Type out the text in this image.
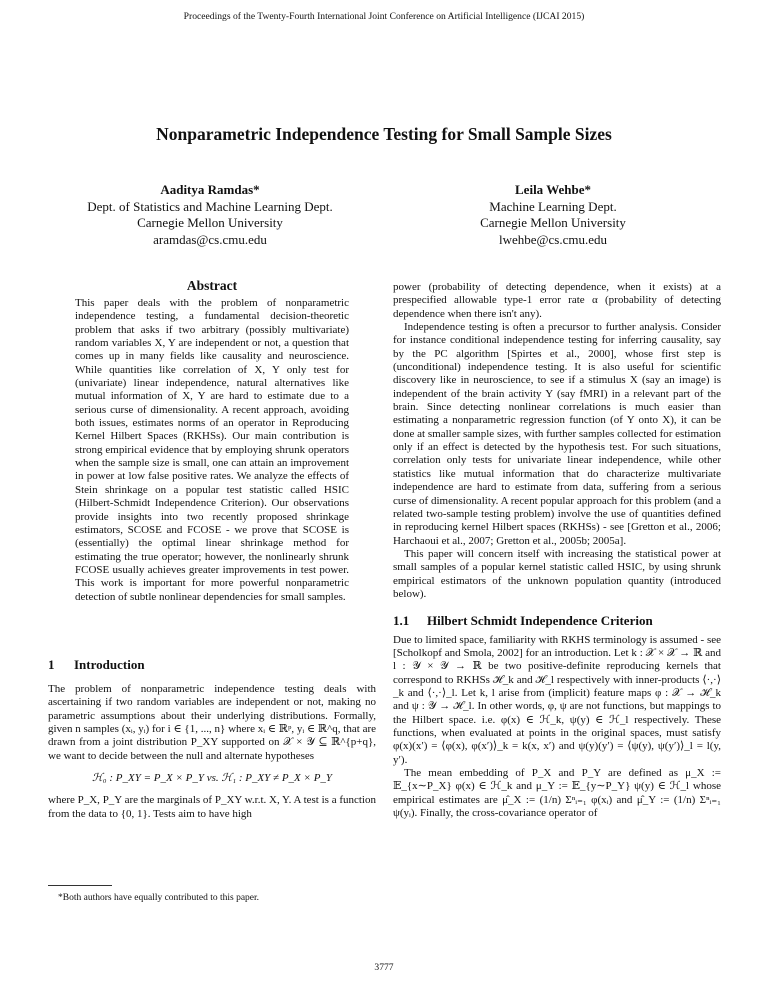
Proceedings of the Twenty-Fourth International Joint Conference on Artificial Intelligence (IJCAI 2015)
Nonparametric Independence Testing for Small Sample Sizes
Aaditya Ramdas*
Dept. of Statistics and Machine Learning Dept.
Carnegie Mellon University
aramdas@cs.cmu.edu
Leila Wehbe*
Machine Learning Dept.
Carnegie Mellon University
lwehbe@cs.cmu.edu
Abstract

This paper deals with the problem of nonparametric independence testing, a fundamental decision-theoretic problem that asks if two arbitrary (possibly multivariate) random variables X, Y are independent or not, a question that comes up in many fields like causality and neuroscience. While quantities like correlation of X, Y only test for (univariate) linear independence, natural alternatives like mutual information of X, Y are hard to estimate due to a serious curse of dimensionality. A recent approach, avoiding both issues, estimates norms of an operator in Reproducing Kernel Hilbert Spaces (RKHSs). Our main contribution is strong empirical evidence that by employing shrunk operators when the sample size is small, one can attain an improvement in power at low false positive rates. We analyze the effects of Stein shrinkage on a popular test statistic called HSIC (Hilbert-Schmidt Independence Criterion). Our observations provide insights into two recently proposed shrinkage estimators, SCOSE and FCOSE - we prove that SCOSE is (essentially) the optimal linear shrinkage method for estimating the true operator; however, the nonlinearly shrunk FCOSE usually achieves greater improvements in test power. This work is important for more powerful nonparametric detection of subtle nonlinear dependencies for small samples.

1 Introduction

The problem of nonparametric independence testing deals with ascertaining if two random variables are independent or not, making no parametric assumptions about their underlying distributions. Formally, given n samples (xᵢ, yᵢ) for i ∈ {1, ..., n} where xᵢ ∈ ℝᵖ, yᵢ ∈ ℝ^q, that are drawn from a joint distribution P_XY supported on 𝒳 × 𝒴 ⊆ ℝ^{p+q}, we want to decide between the null and alternate hypotheses

ℋ₀ : P_XY = P_X × P_Y vs. ℋ₁ : P_XY ≠ P_X × P_Y

where P_X, P_Y are the marginals of P_XY w.r.t. X, Y. A test is a function from the data to {0, 1}. Tests aim to have high

*Both authors have equally contributed to this paper.

power (probability of detecting dependence, when it exists) at a prespecified allowable type-1 error rate α (probability of detecting dependence when there isn't any).

Independence testing is often a precursor to further analysis. Consider for instance conditional independence testing for inferring causality, say by the PC algorithm [Spirtes et al., 2000], whose first step is (unconditional) independence testing. It is also useful for scientific discovery like in neuroscience, to see if a stimulus X (say an image) is independent of the brain activity Y (say fMRI) in a relevant part of the brain. Since detecting nonlinear correlations is much easier than estimating a nonparametric regression function (of Y onto X), it can be done at smaller sample sizes, with further samples collected for estimation only if an effect is detected by the hypothesis test. For such situations, correlation only tests for univariate linear independence, while other statistics like mutual information that do characterize multivariate independence are hard to estimate from data, suffering from a serious curse of dimensionality. A recent popular approach for this problem (and a related two-sample testing problem) involve the use of quantities defined in reproducing kernel Hilbert spaces (RKHSs) - see [Gretton et al., 2006; Harchaoui et al., 2007; Gretton et al., 2005b; 2005a].

This paper will concern itself with increasing the statistical power at small samples of a popular kernel statistic called HSIC, by using shrunk empirical estimators of the unknown population quantity (introduced below).

1.1 Hilbert Schmidt Independence Criterion

Due to limited space, familiarity with RKHS terminology is assumed - see [Scholkopf and Smola, 2002] for an introduction. Let k : 𝒳 × 𝒳 → ℝ and l : 𝒴 × 𝒴 → ℝ be two positive-definite reproducing kernels that correspond to RKHSs ℋ_k and ℋ_l respectively with inner-products ⟨·,·⟩_k and ⟨·,·⟩_l. Let k, l arise from (implicit) feature maps φ : 𝒳 → ℋ_k and ψ : 𝒴 → ℋ_l. In other words, φ, ψ are not functions, but mappings to the Hilbert space. i.e. φ(x) ∈ ℋ_k, ψ(y) ∈ ℋ_l respectively. These functions, when evaluated at points in the original spaces, must satisfy φ(x)(x′) = ⟨φ(x), φ(x′)⟩_k = k(x, x′) and ψ(y)(y′) = ⟨ψ(y), ψ(y′)⟩_l = l(y, y′).

The mean embedding of P_X and P_Y are defined as μ_X := 𝔼_{x∼P_X} φ(x) ∈ ℋ_k and μ_Y := 𝔼_{y∼P_Y} ψ(y) ∈ ℋ_l whose empirical estimates are μ̂_X := (1/n) Σⁿᵢ₌₁ φ(xᵢ) and μ̂_Y := (1/n) Σⁿᵢ₌₁ ψ(yᵢ). Finally, the cross-covariance operator of

3777
